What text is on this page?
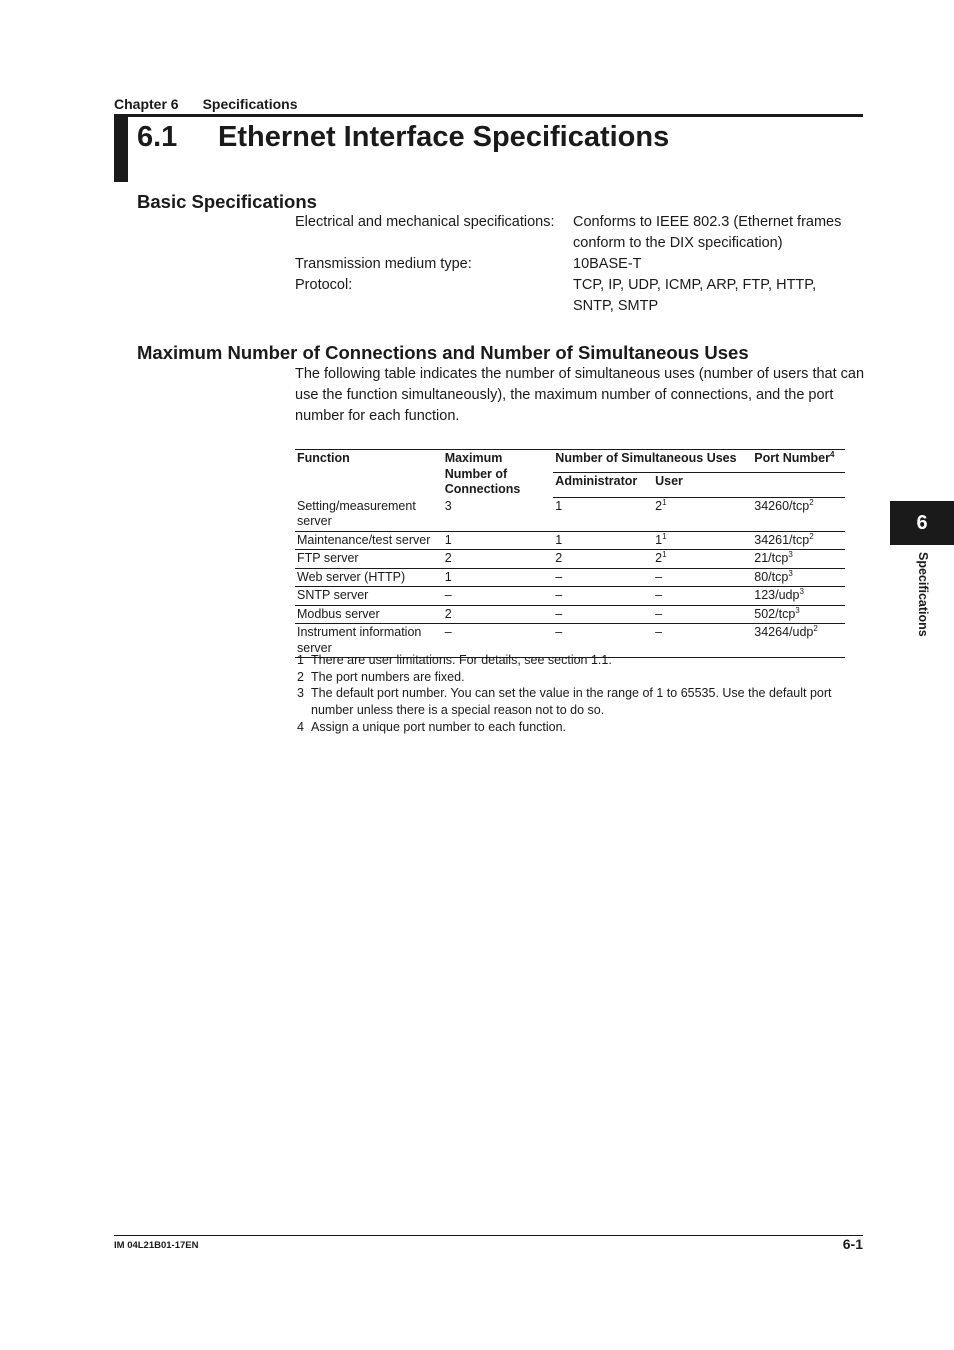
Chapter 6 Specifications
6.1 Ethernet Interface Specifications
Basic Specifications
Electrical and mechanical specifications: Conforms to IEEE 802.3 (Ethernet frames conform to the DIX specification)
Transmission medium type:	10BASE-T
Protocol:	TCP, IP, UDP, ICMP, ARP, FTP, HTTP, SNTP, SMTP
Maximum Number of Connections and Number of Simultaneous Uses
The following table indicates the number of simultaneous uses (number of users that can use the function simultaneously), the maximum number of connections, and the port number for each function.
Function	Maximum Number of Connections	Number of Simultaneous Uses		Port Number$^4$
		Administrator	User	
Setting/measurement server	3	1	$2^1$	34260/tcp$^2$
Maintenance/test server	1	1	$1^1$	34261/tcp$^2$
FTP server	2	2	$2^1$	21/tcp$^3$
Web server (HTTP)	1	–	–	80/tcp$^3$
SNTP server	–	–	–	123/udp$^3$
Modbus server	2	–	–	502/tcp$^3$
Instrument information server	–	–	–	34264/udp$^2$
1 There are user limitations. For details, see section 1.1.
2 The port numbers are fixed.
3 The default port number. You can set the value in the range of 1 to 65535. Use the default port number unless there is a special reason not to do so.
4 Assign a unique port number to each function.
6
Specifications
IM 04L21B01-17EN	6-1
